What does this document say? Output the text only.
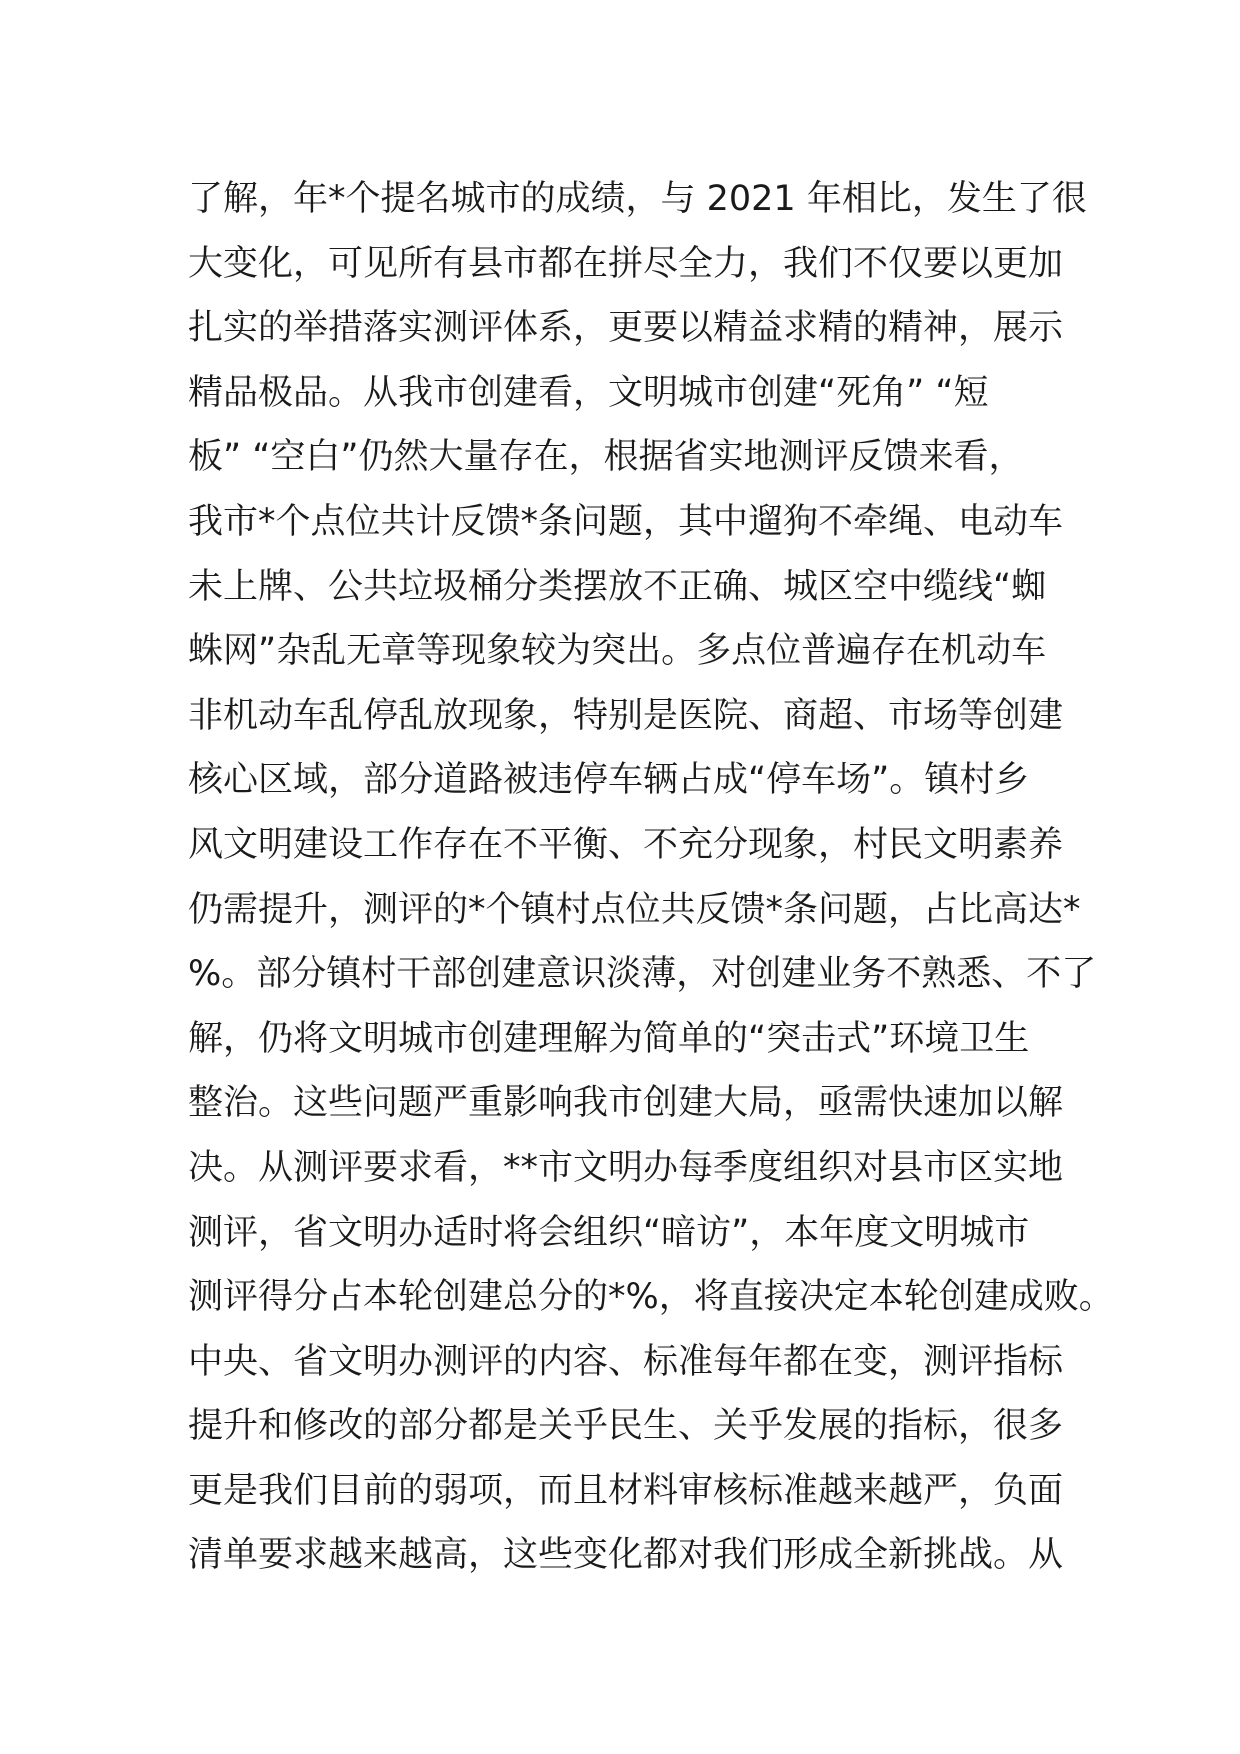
了解，年*个提名城市的成绩，与 2021 年相比，发生了很
大变化，可见所有县市都在拼尽全力，我们不仅要以更加
扎实的举措落实测评体系，更要以精益求精的精神，展示
精品极品。从我市创建看，文明城市创建“死角” “短
板” “空白”仍然大量存在，根据省实地测评反馈来看，
我市*个点位共计反馈*条问题，其中遛狗不牵绳、电动车
未上牌、公共垃圾桶分类摆放不正确、城区空中缆线“蜘
蛛网”杂乱无章等现象较为突出。多点位普遍存在机动车
非机动车乱停乱放现象，特别是医院、商超、市场等创建
核心区域，部分道路被违停车辆占成“停车场”。镇村乡
风文明建设工作存在不平衡、不充分现象，村民文明素养
仍需提升，测评的*个镇村点位共反馈*条问题，占比高达*
%。部分镇村干部创建意识淡薄，对创建业务不熟悉、不了
解，仍将文明城市创建理解为简单的“突击式”环境卫生
整治。这些问题严重影响我市创建大局，亟需快速加以解
决。从测评要求看，**市文明办每季度组织对县市区实地
测评，省文明办适时将会组织“暗访”，本年度文明城市
测评得分占本轮创建总分的*%，将直接决定本轮创建成败。
中央、省文明办测评的内容、标准每年都在变，测评指标
提升和修改的部分都是关乎民生、关乎发展的指标，很多
更是我们目前的弱项，而且材料审核标准越来越严，负面
清单要求越来越高，这些变化都对我们形成全新挑战。从
